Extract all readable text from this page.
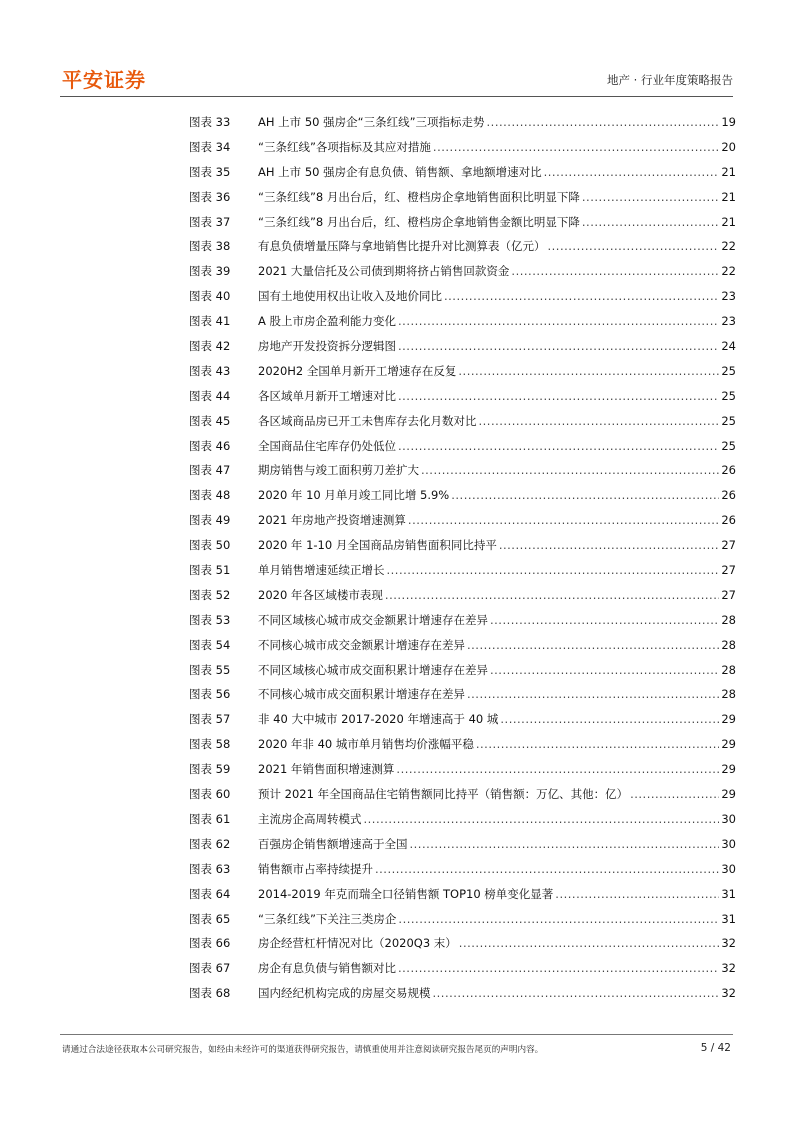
平安证券	地产 · 行业年度策略报告
图表 33	AH 上市 50 强房企“三条红线”三项指标走势 .....	19
图表 34	“三条红线”各项指标及其应对措施 .....	20
图表 35	AH 上市 50 强房企有息负债、销售额、拿地额增速对比 .....	21
图表 36	“三条红线”8 月出台后，红、橙档房企拿地销售面积比明显下降 .....	21
图表 37	“三条红线”8 月出台后，红、橙档房企拿地销售金额比明显下降 .....	21
图表 38	有息负债增量压降与拿地销售比提升对比测算表（亿元） .....	22
图表 39	2021 大量信托及公司债到期将挤占销售回款资金 .....	22
图表 40	国有土地使用权出让收入及地价同比 .....	23
图表 41	A 股上市房企盈利能力变化 .....	23
图表 42	房地产开发投资拆分逻辑图 .....	24
图表 43	2020H2 全国单月新开工增速存在反复 .....	25
图表 44	各区域单月新开工增速对比 .....	25
图表 45	各区域商品房已开工未售库存去化月数对比 .....	25
图表 46	全国商品住宅库存仍处低位 .....	25
图表 47	期房销售与竣工面积剪刀差扩大 .....	26
图表 48	2020 年 10 月单月竣工同比增 5.9% .....	26
图表 49	2021 年房地产投资增速测算 .....	26
图表 50	2020 年 1-10 月全国商品房销售面积同比持平 .....	27
图表 51	单月销售增速延续正增长 .....	27
图表 52	2020 年各区域楼市表现 .....	27
图表 53	不同区域核心城市成交金额累计增速存在差异 .....	28
图表 54	不同核心城市成交金额累计增速存在差异 .....	28
图表 55	不同区域核心城市成交面积累计增速存在差异 .....	28
图表 56	不同核心城市成交面积累计增速存在差异 .....	28
图表 57	非 40 大中城市 2017-2020 年增速高于 40 城 .....	29
图表 58	2020 年非 40 城市单月销售均价涨幅平稳 .....	29
图表 59	2021 年销售面积增速测算 .....	29
图表 60	预计 2021 年全国商品住宅销售额同比持平（销售额：万亿、其他：亿） .....	29
图表 61	主流房企高周转模式 .....	30
图表 62	百强房企销售额增速高于全国 .....	30
图表 63	销售额市占率持续提升 .....	30
图表 64	2014-2019 年克而瑞全口径销售额 TOP10 榜单变化显著 .....	31
图表 65	“三条红线”下关注三类房企 .....	31
图表 66	房企经营杠杆情况对比（2020Q3 末） .....	32
图表 67	房企有息负债与销售额对比 .....	32
图表 68	国内经纪机构完成的房屋交易规模 .....	32
请通过合法途径获取本公司研究报告，如经由未经许可的渠道获得研究报告，请慎重使用并注意阅读研究报告尾页的声明内容。	5 / 42
